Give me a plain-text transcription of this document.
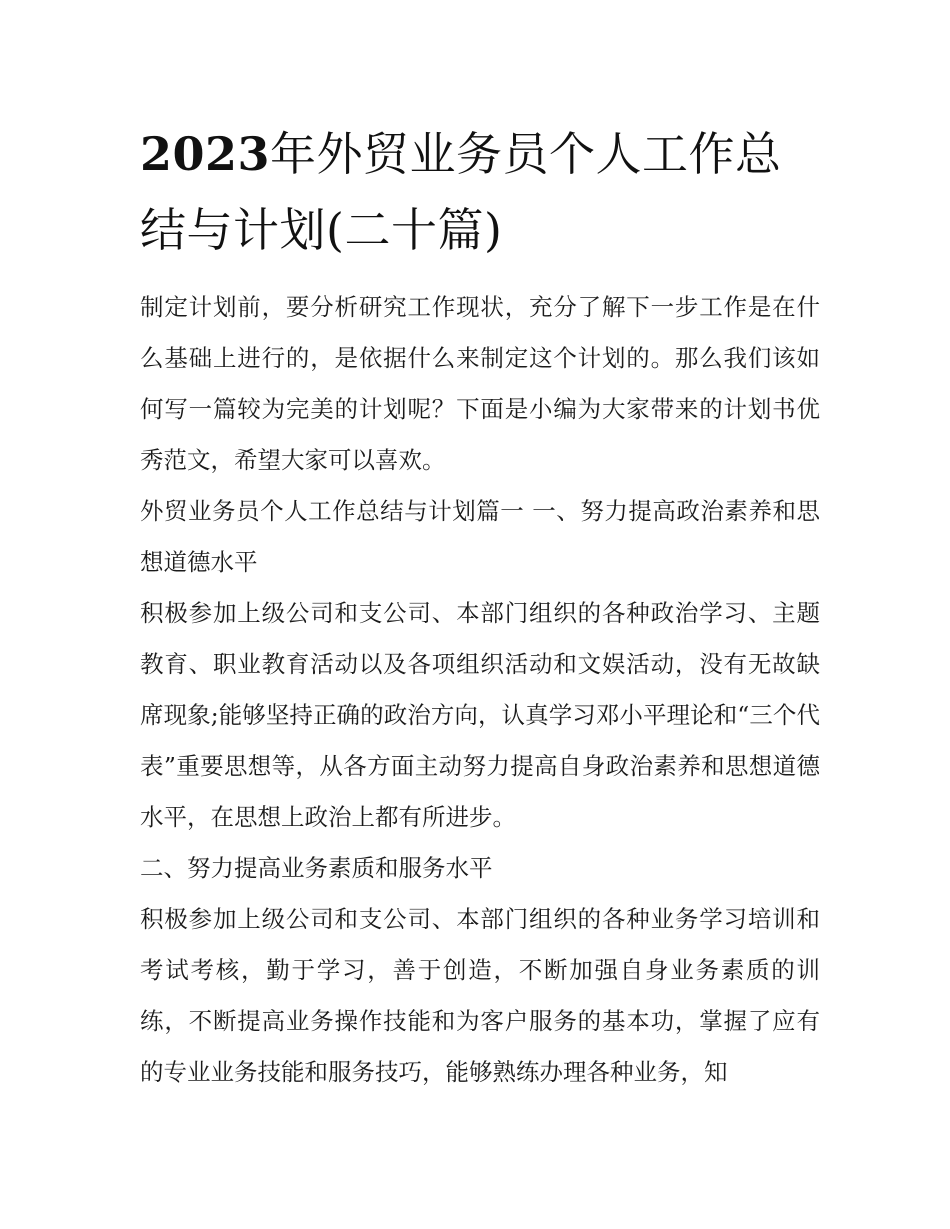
2023年外贸业务员个人工作总结与计划(二十篇)

制定计划前，要分析研究工作现状，充分了解下一步工作是在什么基础上进行的，是依据什么来制定这个计划的。那么我们该如何写一篇较为完美的计划呢？下面是小编为大家带来的计划书优秀范文，希望大家可以喜欢。

外贸业务员个人工作总结与计划篇一 一、努力提高政治素养和思想道德水平

积极参加上级公司和支公司、本部门组织的各种政治学习、主题教育、职业教育活动以及各项组织活动和文娱活动，没有无故缺席现象;能够坚持正确的政治方向，认真学习邓小平理论和“三个代表”重要思想等，从各方面主动努力提高自身政治素养和思想道德水平，在思想上政治上都有所进步。

二、努力提高业务素质和服务水平

积极参加上级公司和支公司、本部门组织的各种业务学习培训和考试考核，勤于学习，善于创造，不断加强自身业务素质的训练，不断提高业务操作技能和为客户服务的基本功，掌握了应有的专业业务技能和服务技巧，能够熟练办理各种业务，知
